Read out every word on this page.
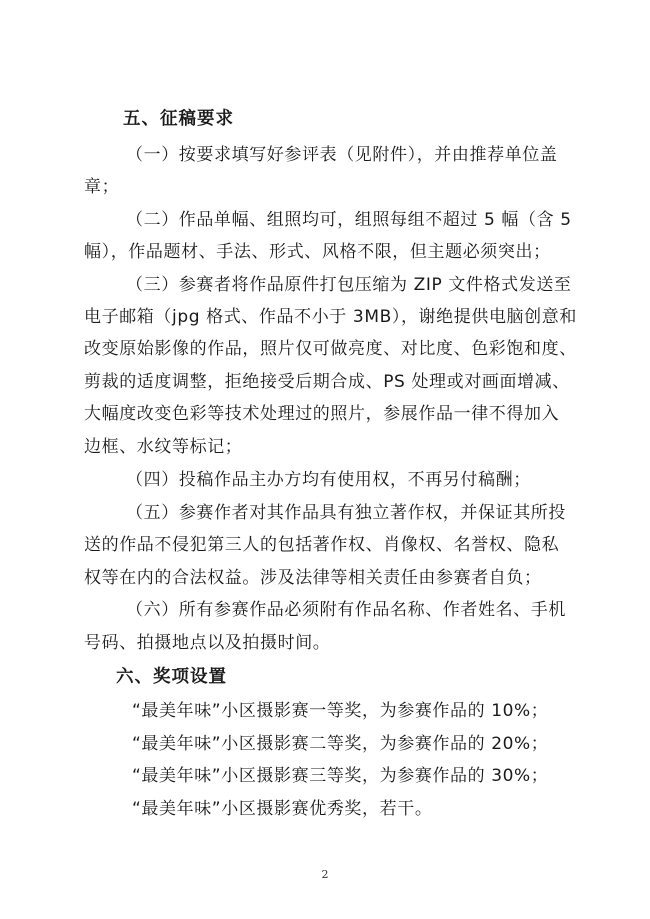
五、征稿要求
（一）按要求填写好参评表（见附件），并由推荐单位盖
章；
（二）作品单幅、组照均可，组照每组不超过 5 幅（含 5
幅），作品题材、手法、形式、风格不限，但主题必须突出；
（三）参赛者将作品原件打包压缩为 ZIP 文件格式发送至
电子邮箱（jpg 格式、作品不小于 3MB），谢绝提供电脑创意和
改变原始影像的作品，照片仅可做亮度、对比度、色彩饱和度、
剪裁的适度调整，拒绝接受后期合成、PS 处理或对画面增减、
大幅度改变色彩等技术处理过的照片，参展作品一律不得加入
边框、水纹等标记；
（四）投稿作品主办方均有使用权，不再另付稿酬；
（五）参赛作者对其作品具有独立著作权，并保证其所投
送的作品不侵犯第三人的包括著作权、肖像权、名誉权、隐私
权等在内的合法权益。涉及法律等相关责任由参赛者自负；
（六）所有参赛作品必须附有作品名称、作者姓名、手机
号码、拍摄地点以及拍摄时间。
六、奖项设置
“最美年味”小区摄影赛一等奖，为参赛作品的 10%；
“最美年味”小区摄影赛二等奖，为参赛作品的 20%；
“最美年味”小区摄影赛三等奖，为参赛作品的 30%；
“最美年味”小区摄影赛优秀奖，若干。
2
